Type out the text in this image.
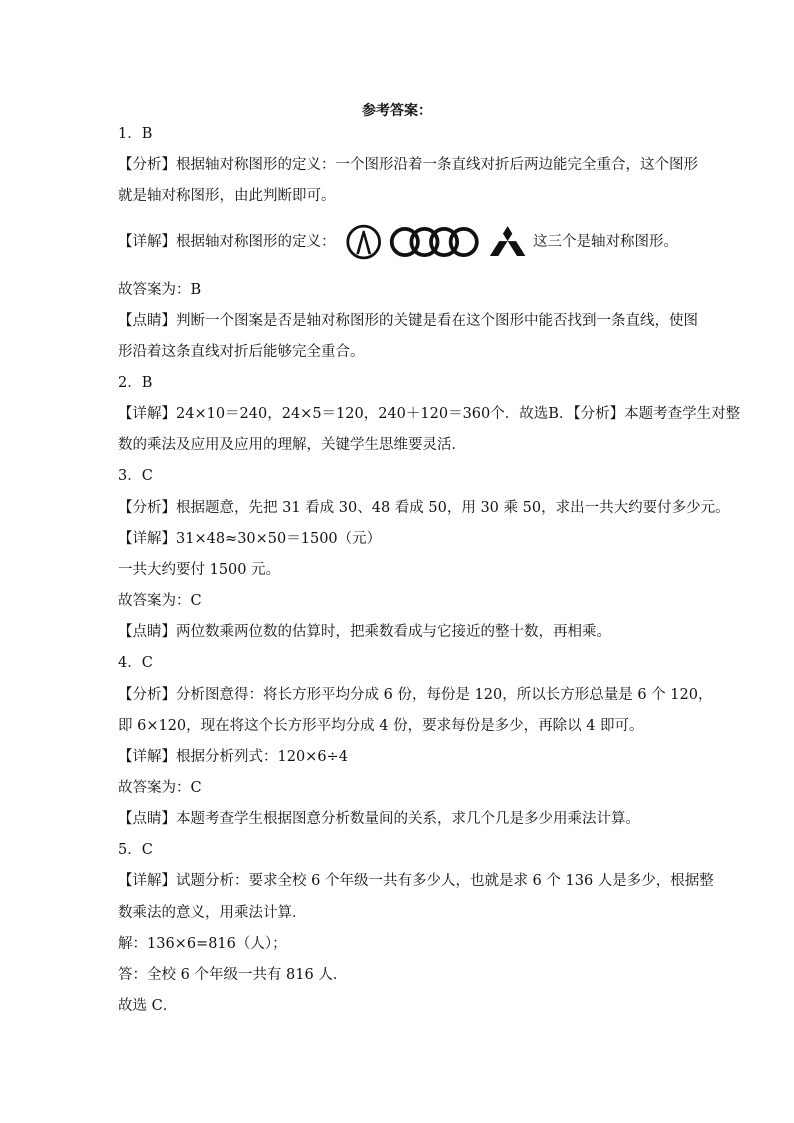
参考答案：
1．B
【分析】根据轴对称图形的定义：一个图形沿着一条直线对折后两边能完全重合，这个图形
就是轴对称图形，由此判断即可。
【详解】根据轴对称图形的定义：	这三个是轴对称图形。
故答案为：B
【点睛】判断一个图案是否是轴对称图形的关键是看在这个图形中能否找到一条直线，使图
形沿着这条直线对折后能够完全重合。
2．B
【详解】24×10＝240，24×5＝120，240＋120＝360个．故选B．【分析】本题考查学生对整
数的乘法及应用及应用的理解，关键学生思维要灵活．
3．C
【分析】根据题意，先把 31 看成 30、48 看成 50，用 30 乘 50，求出一共大约要付多少元。
【详解】31×48≈30×50＝1500（元）
一共大约要付 1500 元。
故答案为：C
【点睛】两位数乘两位数的估算时，把乘数看成与它接近的整十数，再相乘。
4．C
【分析】分析图意得：将长方形平均分成 6 份，每份是 120，所以长方形总量是 6 个 120，
即 6×120，现在将这个长方形平均分成 4 份，要求每份是多少，再除以 4 即可。
【详解】根据分析列式：120×6÷4
故答案为：C
【点睛】本题考查学生根据图意分析数量间的关系，求几个几是多少用乘法计算。
5．C
【详解】试题分析：要求全校 6 个年级一共有多少人，也就是求 6 个 136 人是多少，根据整
数乘法的意义，用乘法计算．
解：136×6=816（人）；
答：全校 6 个年级一共有 816 人．
故选 C．
